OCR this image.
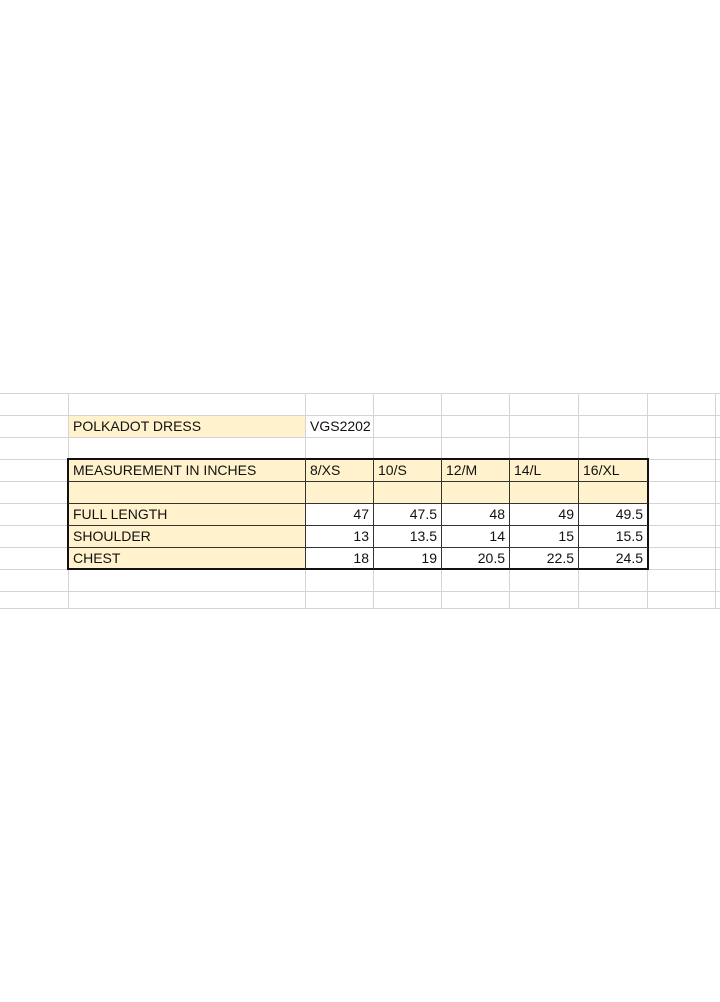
POLKADOT DRESS	VGS2202
MEASUREMENT IN INCHES	8/XS	10/S	12/M	14/L	16/XL
FULL LENGTH	47	47.5	48	49	49.5
SHOULDER	13	13.5	14	15	15.5
CHEST	18	19	20.5	22.5	24.5
